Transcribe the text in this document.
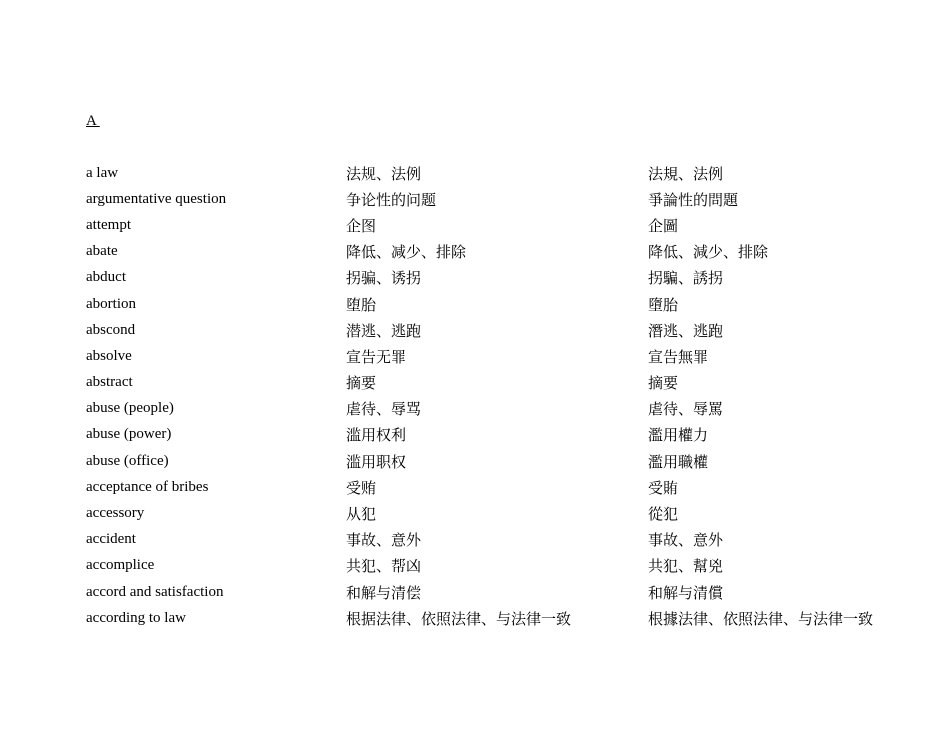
A
a law	法规、法例	法規、法例
argumentative question	争论性的问题	爭論性的問題
attempt	企图	企圖
abate	降低、减少、排除	降低、減少、排除
abduct	拐骗、诱拐	拐騙、誘拐
abortion	堕胎	墮胎
abscond	潜逃、逃跑	潛逃、逃跑
absolve	宣告无罪	宣告無罪
abstract	摘要	摘要
abuse (people)	虐待、辱骂	虐待、辱罵
abuse (power)	滥用权利	濫用權力
abuse (office)	滥用职权	濫用職權
acceptance of bribes	受贿	受賄
accessory	从犯	從犯
accident	事故、意外	事故、意外
accomplice	共犯、帮凶	共犯、幫兇
accord and satisfaction	和解与清偿	和解与清償
according to law	根据法律、依照法律、与法律一致	根據法律、依照法律、与法律一致
